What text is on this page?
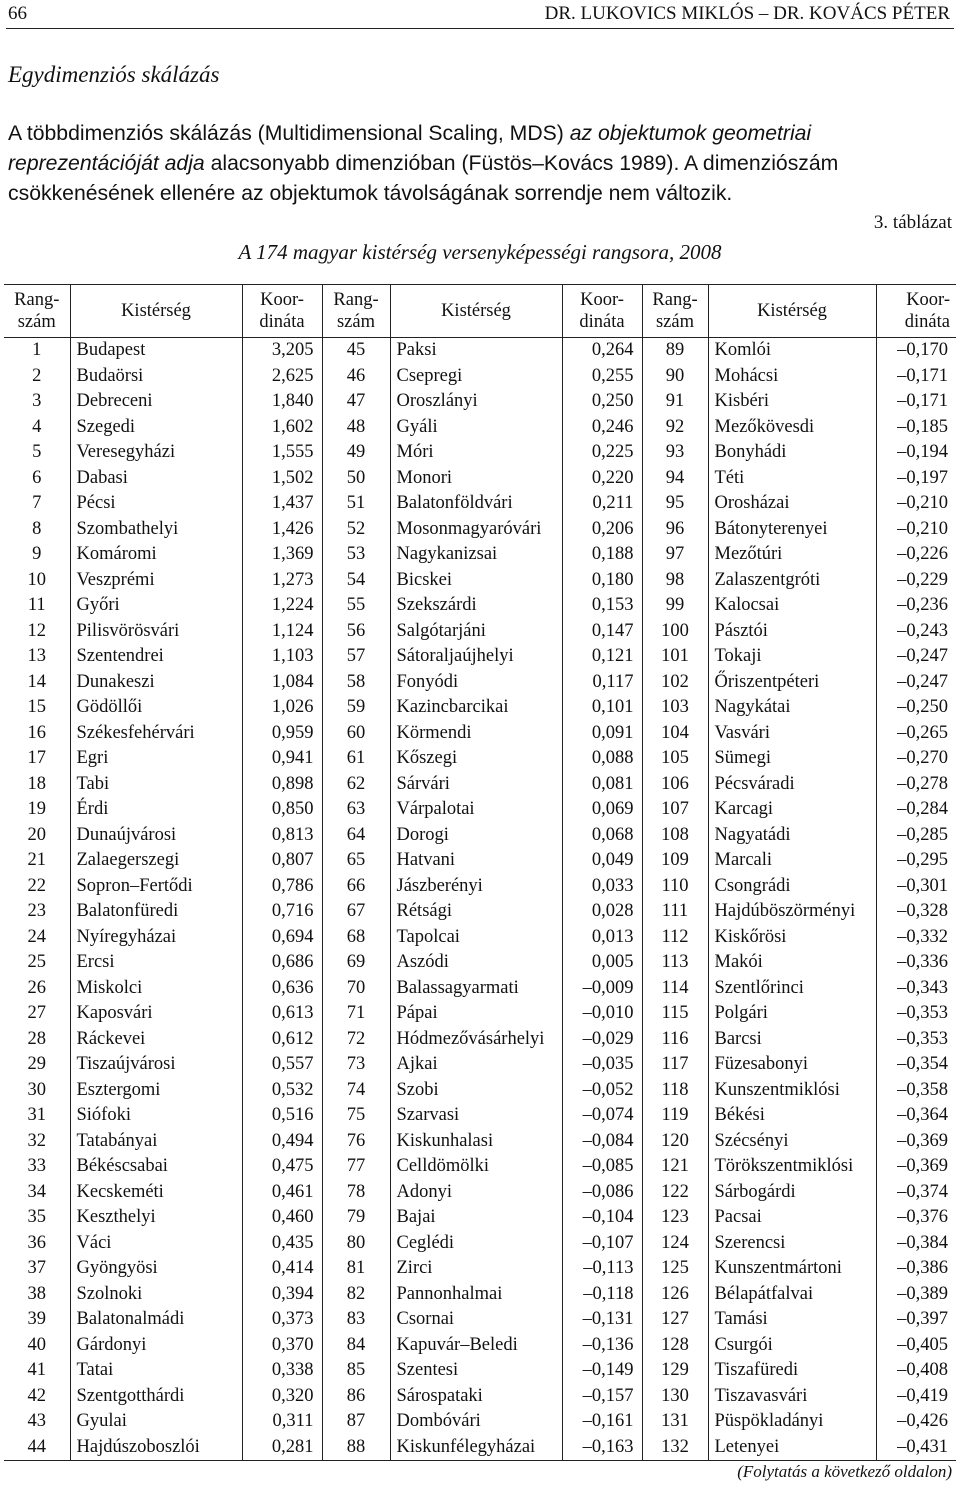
66	DR. LUKOVICS MIKLÓS – DR. KOVÁCS PÉTER
Egydimenziós skálázás
A többdimenziós skálázás (Multidimensional Scaling, MDS) az objektumok geometriai reprezentációját adja alacsonyabb dimenzióban (Füstös–Kovács 1989). A dimenziószám csökkenésének ellenére az objektumok távolságának sorrendje nem változik.
3. táblázat
A 174 magyar kistérség versenyképességi rangsora, 2008
Rang-
szám	Kistérség	Koor-
dináta	Rang-
szám	Kistérség	Koor-
dináta	Rang-
szám	Kistérség	Koor-
dináta

1	Budapest	3,205	45	Paksi	0,264	89	Komlói	–0,170
2	Budaörsi	2,625	46	Csepregi	0,255	90	Mohácsi	–0,171
3	Debreceni	1,840	47	Oroszlányi	0,250	91	Kisbéri	–0,171
4	Szegedi	1,602	48	Gyáli	0,246	92	Mezőkövesdi	–0,185
5	Veresegyházi	1,555	49	Móri	0,225	93	Bonyhádi	–0,194
6	Dabasi	1,502	50	Monori	0,220	94	Téti	–0,197
7	Pécsi	1,437	51	Balatonföldvári	0,211	95	Orosházai	–0,210
8	Szombathelyi	1,426	52	Mosonmagyaróvári	0,206	96	Bátonyterenyei	–0,210
9	Komáromi	1,369	53	Nagykanizsai	0,188	97	Mezőtúri	–0,226
10	Veszprémi	1,273	54	Bicskei	0,180	98	Zalaszentgróti	–0,229
11	Győri	1,224	55	Szekszárdi	0,153	99	Kalocsai	–0,236
12	Pilisvörösvári	1,124	56	Salgótarjáni	0,147	100	Pásztói	–0,243
13	Szentendrei	1,103	57	Sátoraljaújhelyi	0,121	101	Tokaji	–0,247
14	Dunakeszi	1,084	58	Fonyódi	0,117	102	Őriszentpéteri	–0,247
15	Gödöllői	1,026	59	Kazincbarcikai	0,101	103	Nagykátai	–0,250
16	Székesfehérvári	0,959	60	Körmendi	0,091	104	Vasvári	–0,265
17	Egri	0,941	61	Kőszegi	0,088	105	Sümegi	–0,270
18	Tabi	0,898	62	Sárvári	0,081	106	Pécsváradi	–0,278
19	Érdi	0,850	63	Várpalotai	0,069	107	Karcagi	–0,284
20	Dunaújvárosi	0,813	64	Dorogi	0,068	108	Nagyatádi	–0,285
21	Zalaegerszegi	0,807	65	Hatvani	0,049	109	Marcali	–0,295
22	Sopron–Fertődi	0,786	66	Jászberényi	0,033	110	Csongrádi	–0,301
23	Balatonfüredi	0,716	67	Rétsági	0,028	111	Hajdúböszörményi	–0,328
24	Nyíregyházai	0,694	68	Tapolcai	0,013	112	Kiskőrösi	–0,332
25	Ercsi	0,686	69	Aszódi	0,005	113	Makói	–0,336
26	Miskolci	0,636	70	Balassagyarmati	–0,009	114	Szentlőrinci	–0,343
27	Kaposvári	0,613	71	Pápai	–0,010	115	Polgári	–0,353
28	Ráckevei	0,612	72	Hódmezővásárhelyi	–0,029	116	Barcsi	–0,353
29	Tiszaújvárosi	0,557	73	Ajkai	–0,035	117	Füzesabonyi	–0,354
30	Esztergomi	0,532	74	Szobi	–0,052	118	Kunszentmiklósi	–0,358
31	Siófoki	0,516	75	Szarvasi	–0,074	119	Békési	–0,364
32	Tatabányai	0,494	76	Kiskunhalasi	–0,084	120	Szécsényi	–0,369
33	Békéscsabai	0,475	77	Celldömölki	–0,085	121	Törökszentmiklósi	–0,369
34	Kecskeméti	0,461	78	Adonyi	–0,086	122	Sárbogárdi	–0,374
35	Keszthelyi	0,460	79	Bajai	–0,104	123	Pacsai	–0,376
36	Váci	0,435	80	Ceglédi	–0,107	124	Szerencsi	–0,384
37	Gyöngyösi	0,414	81	Zirci	–0,113	125	Kunszentmártoni	–0,386
38	Szolnoki	0,394	82	Pannonhalmai	–0,118	126	Bélapátfalvai	–0,389
39	Balatonalmádi	0,373	83	Csornai	–0,131	127	Tamási	–0,397
40	Gárdonyi	0,370	84	Kapuvár–Beledi	–0,136	128	Csurgói	–0,405
41	Tatai	0,338	85	Szentesi	–0,149	129	Tiszafüredi	–0,408
42	Szentgotthárdi	0,320	86	Sárospataki	–0,157	130	Tiszavasvári	–0,419
43	Gyulai	0,311	87	Dombóvári	–0,161	131	Püspökladányi	–0,426
44	Hajdúszoboszlói	0,281	88	Kiskunfélegyházai	–0,163	132	Letenyei	–0,431
(Folytatás a következő oldalon)
